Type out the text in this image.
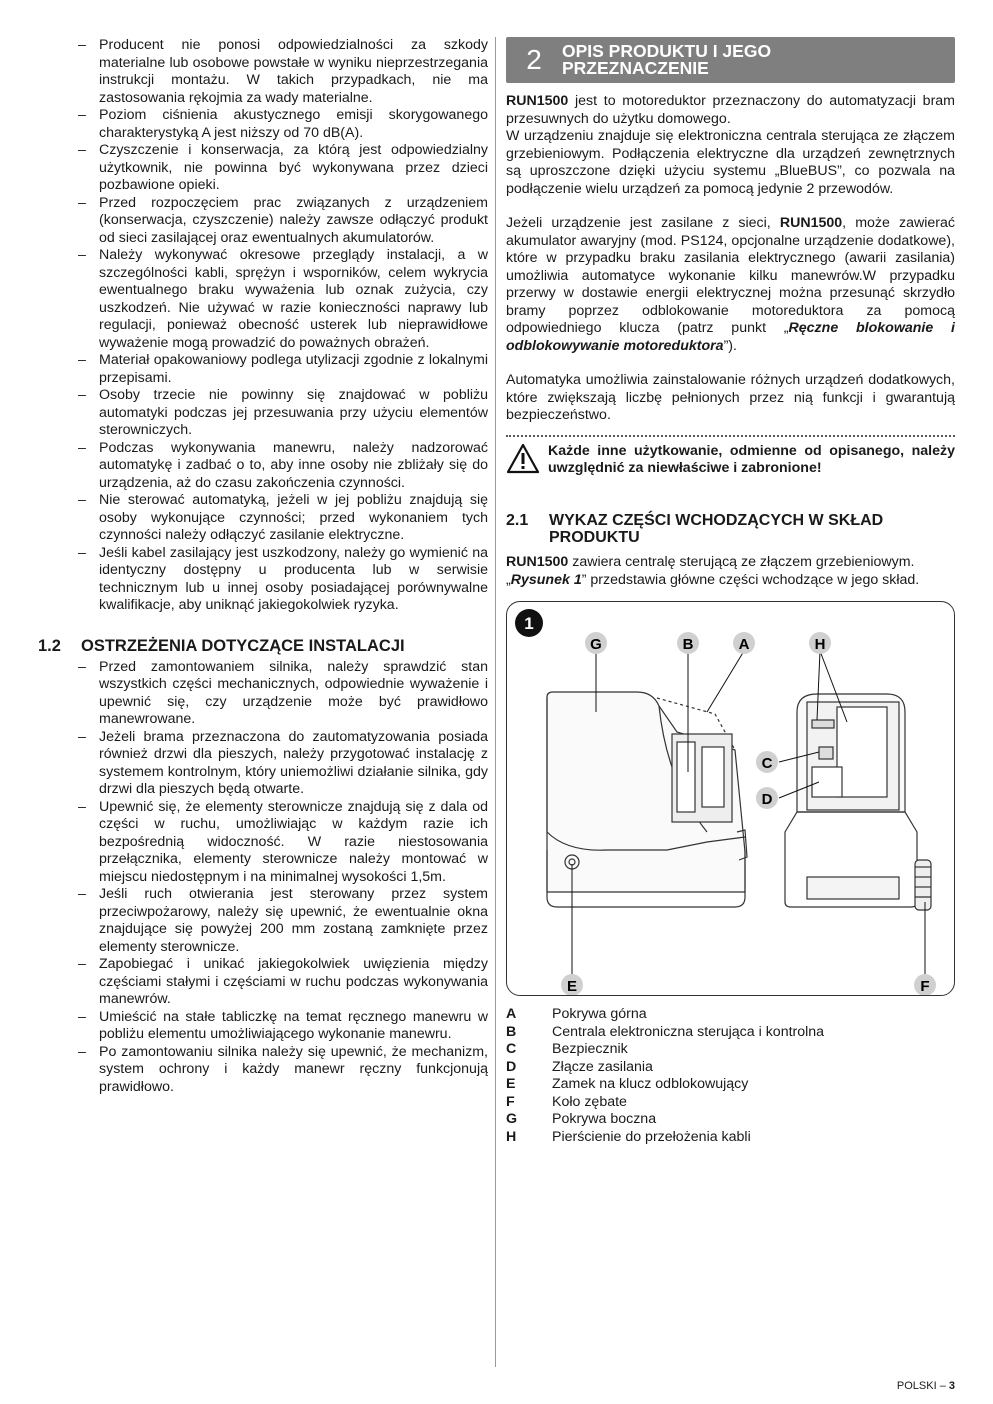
– Producent nie ponosi odpowiedzialności za szkody materialne lub osobowe powstałe w wyniku nieprzestrzegania instrukcji montażu. W takich przypadkach, nie ma zastosowania rękojmia za wady materialne.
– Poziom ciśnienia akustycznego emisji skorygowanego charakterystyką A jest niższy od 70 dB(A).
– Czyszczenie i konserwacja, za którą jest odpowiedzialny użytkownik, nie powinna być wykonywana przez dzieci pozbawione opieki.
– Przed rozpoczęciem prac związanych z urządzeniem (konserwacja, czyszczenie) należy zawsze odłączyć produkt od sieci zasilającej oraz ewentualnych akumulatorów.
– Należy wykonywać okresowe przeglądy instalacji, a w szczególności kabli, sprężyn i wsporników, celem wykrycia ewentualnego braku wyważenia lub oznak zużycia, czy uszkodzeń. Nie używać w razie konieczności naprawy lub regulacji, ponieważ obecność usterek lub nieprawidłowe wyważenie mogą prowadzić do poważnych obrażeń.
– Materiał opakowaniowy podlega utylizacji zgodnie z lokalnymi przepisami.
– Osoby trzecie nie powinny się znajdować w pobliżu automatyki podczas jej przesuwania przy użyciu elementów sterowniczych.
– Podczas wykonywania manewru, należy nadzorować automatykę i zadbać o to, aby inne osoby nie zbliżały się do urządzenia, aż do czasu zakończenia czynności.
– Nie sterować automatyką, jeżeli w jej pobliżu znajdują się osoby wykonujące czynności; przed wykonaniem tych czynności należy odłączyć zasilanie elektryczne.
– Jeśli kabel zasilający jest uszkodzony, należy go wymienić na identyczny dostępny u producenta lub w serwisie technicznym lub u innej osoby posiadającej porównywalne kwalifikacje, aby uniknąć jakiegokolwiek ryzyka.
1.2	OSTRZEŻENIA DOTYCZĄCE INSTALACJI
– Przed zamontowaniem silnika, należy sprawdzić stan wszystkich części mechanicznych, odpowiednie wyważenie i upewnić się, czy urządzenie może być prawidłowo manewrowane.
– Jeżeli brama przeznaczona do zautomatyzowania posiada również drzwi dla pieszych, należy przygotować instalację z systemem kontrolnym, który uniemożliwi działanie silnika, gdy drzwi dla pieszych będą otwarte.
– Upewnić się, że elementy sterownicze znajdują się z dala od części w ruchu, umożliwiając w każdym razie ich bezpośrednią widoczność. W razie niestosowania przełącznika, elementy sterownicze należy montować w miejscu niedostępnym i na minimalnej wysokości 1,5m.
– Jeśli ruch otwierania jest sterowany przez system przeciwpożarowy, należy się upewnić, że ewentualnie okna znajdujące się powyżej 200 mm zostaną zamknięte przez elementy sterownicze.
– Zapobiegać i unikać jakiegokolwiek uwięzienia między częściami stałymi i częściami w ruchu podczas wykonywania manewrów.
– Umieścić na stałe tabliczkę na temat ręcznego manewru w pobliżu elementu umożliwiającego wykonanie manewru.
– Po zamontowaniu silnika należy się upewnić, że mechanizm, system ochrony i każdy manewr ręczny funkcjonują prawidłowo.
2	OPIS PRODUKTU I JEGO
PRZEZNACZENIE

RUN1500 jest to motoreduktor przeznaczony do automatyzacji bram przesuwnych do użytku domowego.

W urządzeniu znajduje się elektroniczna centrala sterująca ze złączem grzebieniowym. Podłączenia elektryczne dla urządzeń zewnętrznych są uproszczone dzięki użyciu systemu „BlueBUS”, co pozwala na podłączenie wielu urządzeń za pomocą jedynie 2 przewodów.

Jeżeli urządzenie jest zasilane z sieci, RUN1500, może zawierać akumulator awaryjny (mod. PS124, opcjonalne urządzenie dodatkowe), które w przypadku braku zasilania elektrycznego (awarii zasilania) umożliwia automatyce wykonanie kilku manewrów.W przypadku przerwy w dostawie energii elektrycznej można przesunąć skrzydło bramy poprzez odblokowanie motoreduktora za pomocą odpowiedniego klucza (patrz punkt „Ręczne blokowanie i odblokowywanie motoreduktora”).

Automatyka umożliwia zainstalowanie różnych urządzeń dodatkowych, które zwiększają liczbę pełnionych przez nią funkcji i gwarantują bezpieczeństwo.

Każde inne użytkowanie, odmienne od opisanego, należy uwzględnić za niewłaściwe i zabronione!

2.1	WYKAZ CZĘŚCI WCHODZĄCYCH W SKŁAD
PRODUKTU

RUN1500 zawiera centralę sterującą ze złączem grzebieniowym.
„Rysunek 1” przedstawia główne części wchodzące w jego skład.

1
G	B	A	H
C
D
E	F
A	Pokrywa górna
B	Centrala elektroniczna sterująca i kontrolna
C	Bezpiecznik
D	Złącze zasilania
E	Zamek na klucz odblokowujący
F	Koło zębate
G	Pokrywa boczna
H	Pierścienie do przełożenia kabli
POLSKI – 3
